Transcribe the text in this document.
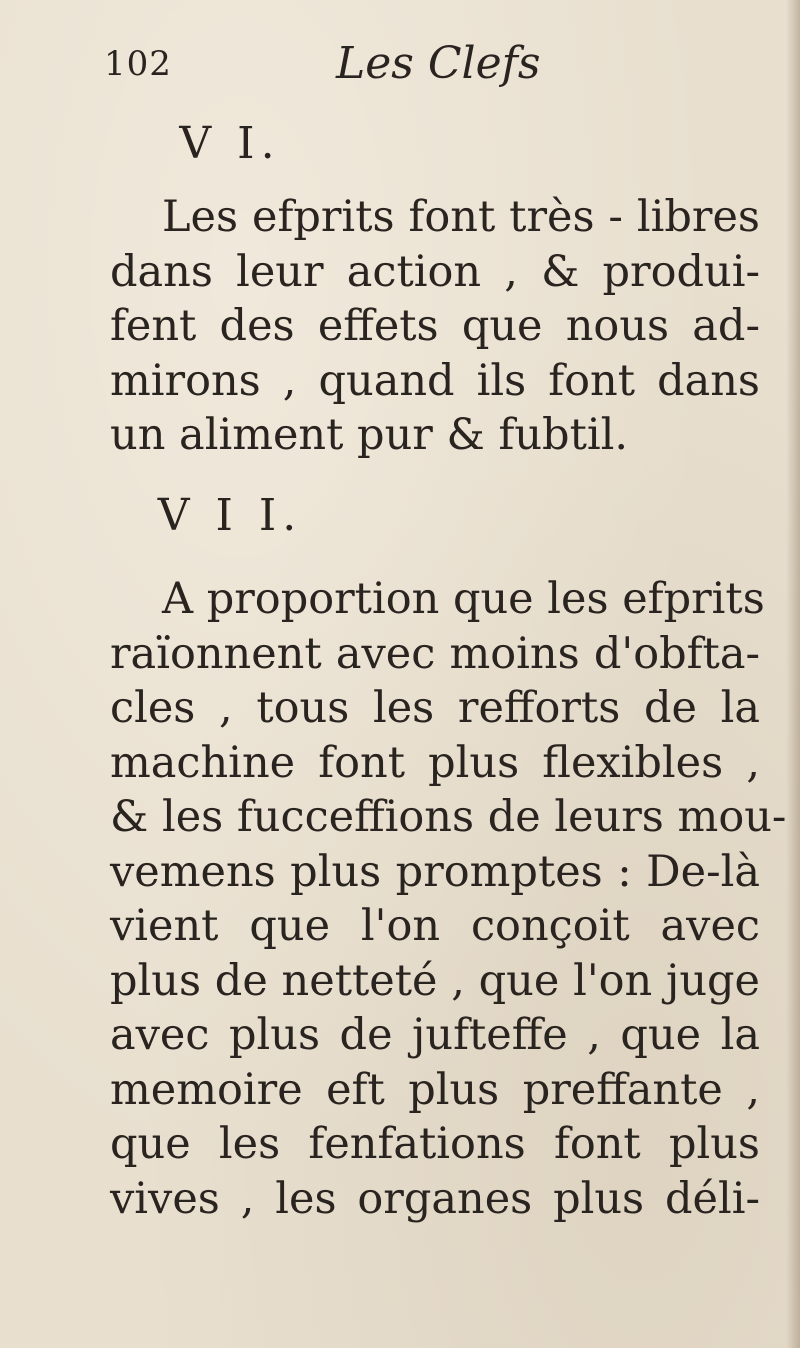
102	Les Clefs
V I.
Les efprits font très - libres
dans leur action , & produi-
fent des effets que nous ad-
mirons , quand ils font dans
un aliment pur & fubtil.
V I I.
A proportion que les efprits
raïonnent avec moins d'obfta-
cles , tous les refforts de la
machine font plus flexibles ,
& les fucceffions de leurs mou-
vemens plus promptes : De-là
vient que l'on conçoit avec
plus de netteté , que l'on juge
avec plus de jufteffe , que la
memoire eft plus preffante ,
que les fenfations font plus
vives , les organes plus déli-
